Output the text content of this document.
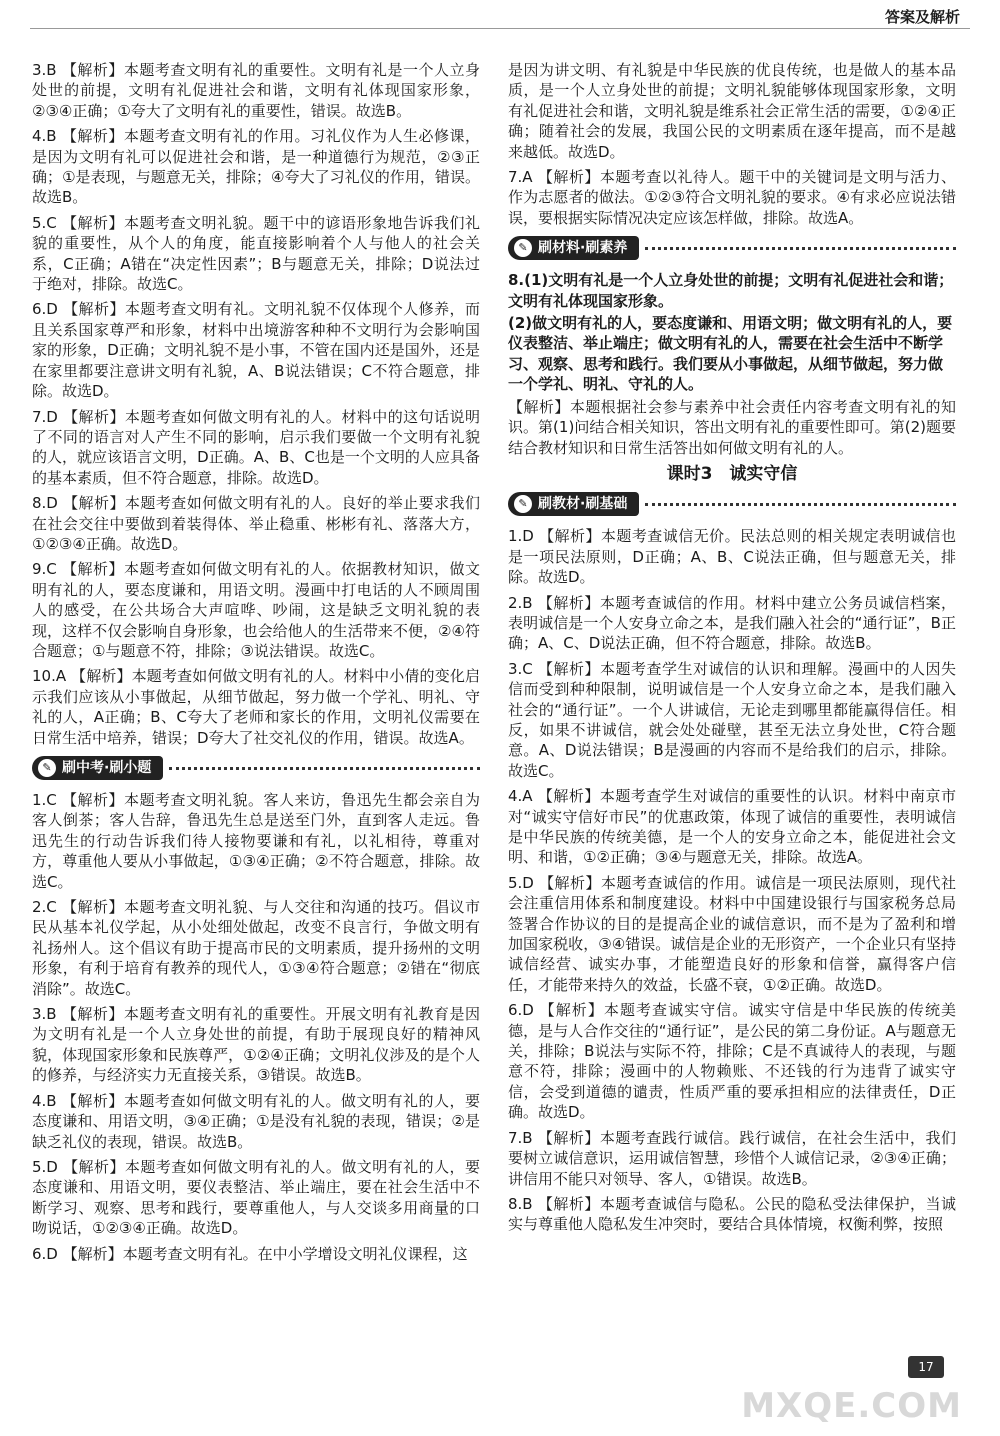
答案及解析

3.B 【解析】本题考查文明有礼的重要性。文明有礼是一个人立身处世的前提，文明有礼促进社会和谐，文明有礼体现国家形象，②③④正确；①夸大了文明有礼的重要性，错误。故选B。

4.B 【解析】本题考查文明有礼的作用。习礼仪作为人生必修课，是因为文明有礼可以促进社会和谐，是一种道德行为规范，②③正确；①是表现，与题意无关，排除；④夸大了习礼仪的作用，错误。故选B。

5.C 【解析】本题考查文明礼貌。题干中的谚语形象地告诉我们礼貌的重要性，从个人的角度，能直接影响着个人与他人的社会关系，C正确；A错在“决定性因素”；B与题意无关，排除；D说法过于绝对，排除。故选C。

6.D 【解析】本题考查文明有礼。文明礼貌不仅体现个人修养，而且关系国家尊严和形象，材料中出境游客种种不文明行为会影响国家的形象，D正确；文明礼貌不是小事，不管在国内还是国外，还是在家里都要注意讲文明有礼貌，A、B说法错误；C不符合题意，排除。故选D。

7.D 【解析】本题考查如何做文明有礼的人。材料中的这句话说明了不同的语言对人产生不同的影响，启示我们要做一个文明有礼貌的人，就应该语言文明，D正确。A、B、C也是一个文明的人应具备的基本素质，但不符合题意，排除。故选D。

8.D 【解析】本题考查如何做文明有礼的人。良好的举止要求我们在社会交往中要做到着装得体、举止稳重、彬彬有礼、落落大方，①②③④正确。故选D。

9.C 【解析】本题考查如何做文明有礼的人。依据教材知识，做文明有礼的人，要态度谦和，用语文明。漫画中打电话的人不顾周围人的感受，在公共场合大声喧哗、吵闹，这是缺乏文明礼貌的表现，这样不仅会影响自身形象，也会给他人的生活带来不便，②④符合题意；①与题意不符，排除；③说法错误。故选C。

10.A 【解析】本题考查如何做文明有礼的人。材料中小倩的变化启示我们应该从小事做起，从细节做起，努力做一个学礼、明礼、守礼的人，A正确；B、C夸大了老师和家长的作用，文明礼仪需要在日常生活中培养，错误；D夸大了社交礼仪的作用，错误。故选A。

✎ 刷中考·刷小题

1.C 【解析】本题考查文明礼貌。客人来访，鲁迅先生都会亲自为客人倒茶；客人告辞，鲁迅先生总是送至门外，直到客人走远。鲁迅先生的行动告诉我们待人接物要谦和有礼，以礼相待，尊重对方，尊重他人要从小事做起，①③④正确；②不符合题意，排除。故选C。

2.C 【解析】本题考查文明礼貌、与人交往和沟通的技巧。倡议市民从基本礼仪学起，从小处细处做起，改变不良言行，争做文明有礼扬州人。这个倡议有助于提高市民的文明素质，提升扬州的文明形象，有利于培育有教养的现代人，①③④符合题意；②错在“彻底消除”。故选C。

3.B 【解析】本题考查文明有礼的重要性。开展文明有礼教育是因为文明有礼是一个人立身处世的前提，有助于展现良好的精神风貌，体现国家形象和民族尊严，①②④正确；文明礼仪涉及的是个人的修养，与经济实力无直接关系，③错误。故选B。

4.B 【解析】本题考查如何做文明有礼的人。做文明有礼的人，要态度谦和、用语文明，③④正确；①是没有礼貌的表现，错误；②是缺乏礼仪的表现，错误。故选B。

5.D 【解析】本题考查如何做文明有礼的人。做文明有礼的人，要态度谦和、用语文明，要仪表整洁、举止端庄，要在社会生活中不断学习、观察、思考和践行，要尊重他人，与人交谈多用商量的口吻说话，①②③④正确。故选D。

6.D 【解析】本题考查文明有礼。在中小学增设文明礼仪课程，这

是因为讲文明、有礼貌是中华民族的优良传统，也是做人的基本品质，是一个人立身处世的前提；文明礼貌能够体现国家形象，文明有礼促进社会和谐，文明礼貌是维系社会正常生活的需要，①②④正确；随着社会的发展，我国公民的文明素质在逐年提高，而不是越来越低。故选D。

7.A 【解析】本题考查以礼待人。题干中的关键词是文明与活力、作为志愿者的做法。①②③符合文明礼貌的要求。④有求必应说法错误，要根据实际情况决定应该怎样做，排除。故选A。

✎ 刷材料·刷素养

8.(1)文明有礼是一个人立身处世的前提；文明有礼促进社会和谐；文明有礼体现国家形象。

(2)做文明有礼的人，要态度谦和、用语文明；做文明有礼的人，要仪表整洁、举止端庄；做文明有礼的人，需要在社会生活中不断学习、观察、思考和践行。我们要从小事做起，从细节做起，努力做一个学礼、明礼、守礼的人。

【解析】本题根据社会参与素养中社会责任内容考查文明有礼的知识。第(1)问结合相关知识，答出文明有礼的重要性即可。第(2)题要结合教材知识和日常生活答出如何做文明有礼的人。

课时3　诚实守信

✎ 刷教材·刷基础

1.D 【解析】本题考查诚信无价。民法总则的相关规定表明诚信也是一项民法原则，D正确；A、B、C说法正确，但与题意无关，排除。故选D。

2.B 【解析】本题考查诚信的作用。材料中建立公务员诚信档案，表明诚信是一个人安身立命之本，是我们融入社会的“通行证”，B正确；A、C、D说法正确，但不符合题意，排除。故选B。

3.C 【解析】本题考查学生对诚信的认识和理解。漫画中的人因失信而受到种种限制，说明诚信是一个人安身立命之本，是我们融入社会的“通行证”。一个人讲诚信，无论走到哪里都能赢得信任。相反，如果不讲诚信，就会处处碰壁，甚至无法立身处世，C符合题意。A、D说法错误；B是漫画的内容而不是给我们的启示，排除。故选C。

4.A 【解析】本题考查学生对诚信的重要性的认识。材料中南京市对“诚实守信好市民”的优惠政策，体现了诚信的重要性，表明诚信是中华民族的传统美德，是一个人的安身立命之本，能促进社会文明、和谐，①②正确；③④与题意无关，排除。故选A。

5.D 【解析】本题考查诚信的作用。诚信是一项民法原则，现代社会注重信用体系和制度建设。材料中中国建设银行与国家税务总局签署合作协议的目的是提高企业的诚信意识，而不是为了盈利和增加国家税收，③④错误。诚信是企业的无形资产，一个企业只有坚持诚信经营、诚实办事，才能塑造良好的形象和信誉，赢得客户信任，才能带来持久的效益，长盛不衰，①②正确。故选D。

6.D 【解析】本题考查诚实守信。诚实守信是中华民族的传统美德，是与人合作交往的“通行证”，是公民的第二身份证。A与题意无关，排除；B说法与实际不符，排除；C是不真诚待人的表现，与题意不符，排除；漫画中的人物赖账、不还钱的行为违背了诚实守信，会受到道德的谴责，性质严重的要承担相应的法律责任，D正确。故选D。

7.B 【解析】本题考查践行诚信。践行诚信，在社会生活中，我们要树立诚信意识，运用诚信智慧，珍惜个人诚信记录，②③④正确；讲信用不能只对领导、客人，①错误。故选B。

8.B 【解析】本题考查诚信与隐私。公民的隐私受法律保护，当诚实与尊重他人隐私发生冲突时，要结合具体情境，权衡利弊，按照

17
MXQE.COM
